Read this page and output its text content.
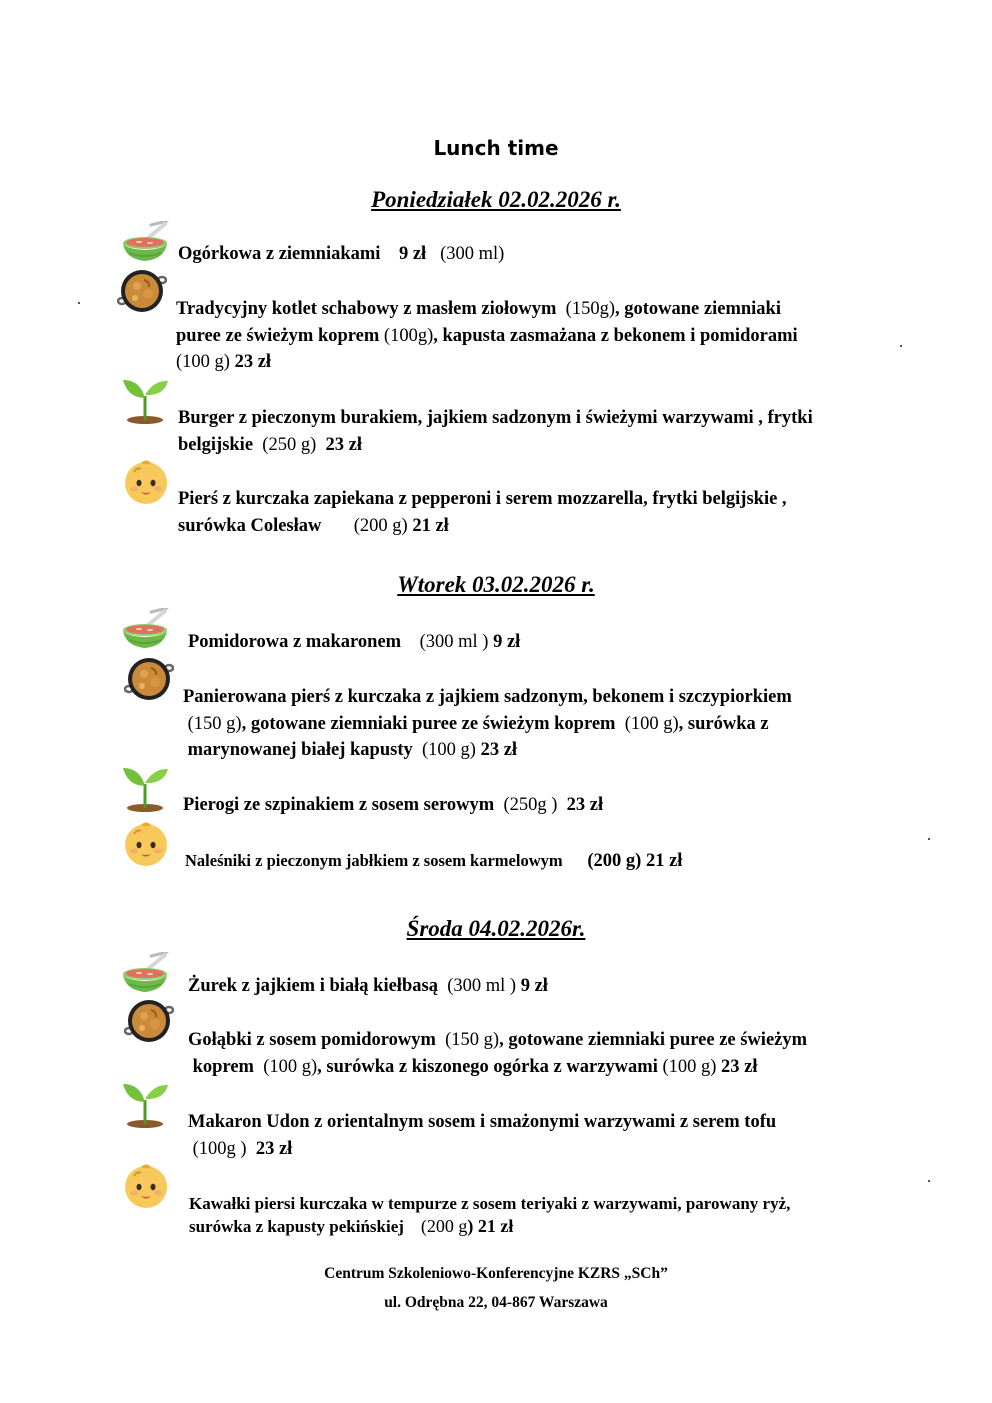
Lunch time
Poniedziałek 02.02.2026 r.
Ogórkowa z ziemniakami 9 zł (300 ml)
Tradycyjny kotlet schabowy z masłem ziołowym (150g), gotowane ziemniaki
puree ze świeżym koprem (100g), kapusta zasmażana z bekonem i pomidorami
(100 g) 23 zł
Burger z pieczonym burakiem, jajkiem sadzonym i świeżymi warzywami , frytki
belgijskie (250 g) 23 zł
Pierś z kurczaka zapiekana z pepperoni i serem mozzarella, frytki belgijskie ,
surówka Colesław (200 g) 21 zł
Wtorek 03.02.2026 r.
Pomidorowa z makaronem (300 ml ) 9 zł
Panierowana pierś z kurczaka z jajkiem sadzonym, bekonem i szczypiorkiem
(150 g), gotowane ziemniaki puree ze świeżym koprem (100 g), surówka z
marynowanej białej kapusty (100 g) 23 zł
Pierogi ze szpinakiem z sosem serowym (250g ) 23 zł
Naleśniki z pieczonym jabłkiem z sosem karmelowym (200 g) 21 zł
Środa 04.02.2026r.
Żurek z jajkiem i białą kiełbasą (300 ml ) 9 zł
Gołąbki z sosem pomidorowym (150 g), gotowane ziemniaki puree ze świeżym
koprem (100 g), surówka z kiszonego ogórka z warzywami (100 g) 23 zł
Makaron Udon z orientalnym sosem i smażonymi warzywami z serem tofu
(100g ) 23 zł
Kawałki piersi kurczaka w tempurze z sosem teriyaki z warzywami, parowany ryż,
surówka z kapusty pekińskiej (200 g) 21 zł
Centrum Szkoleniowo-Konferencyjne KZRS „SCh”
ul. Odrębna 22, 04-867 Warszawa
